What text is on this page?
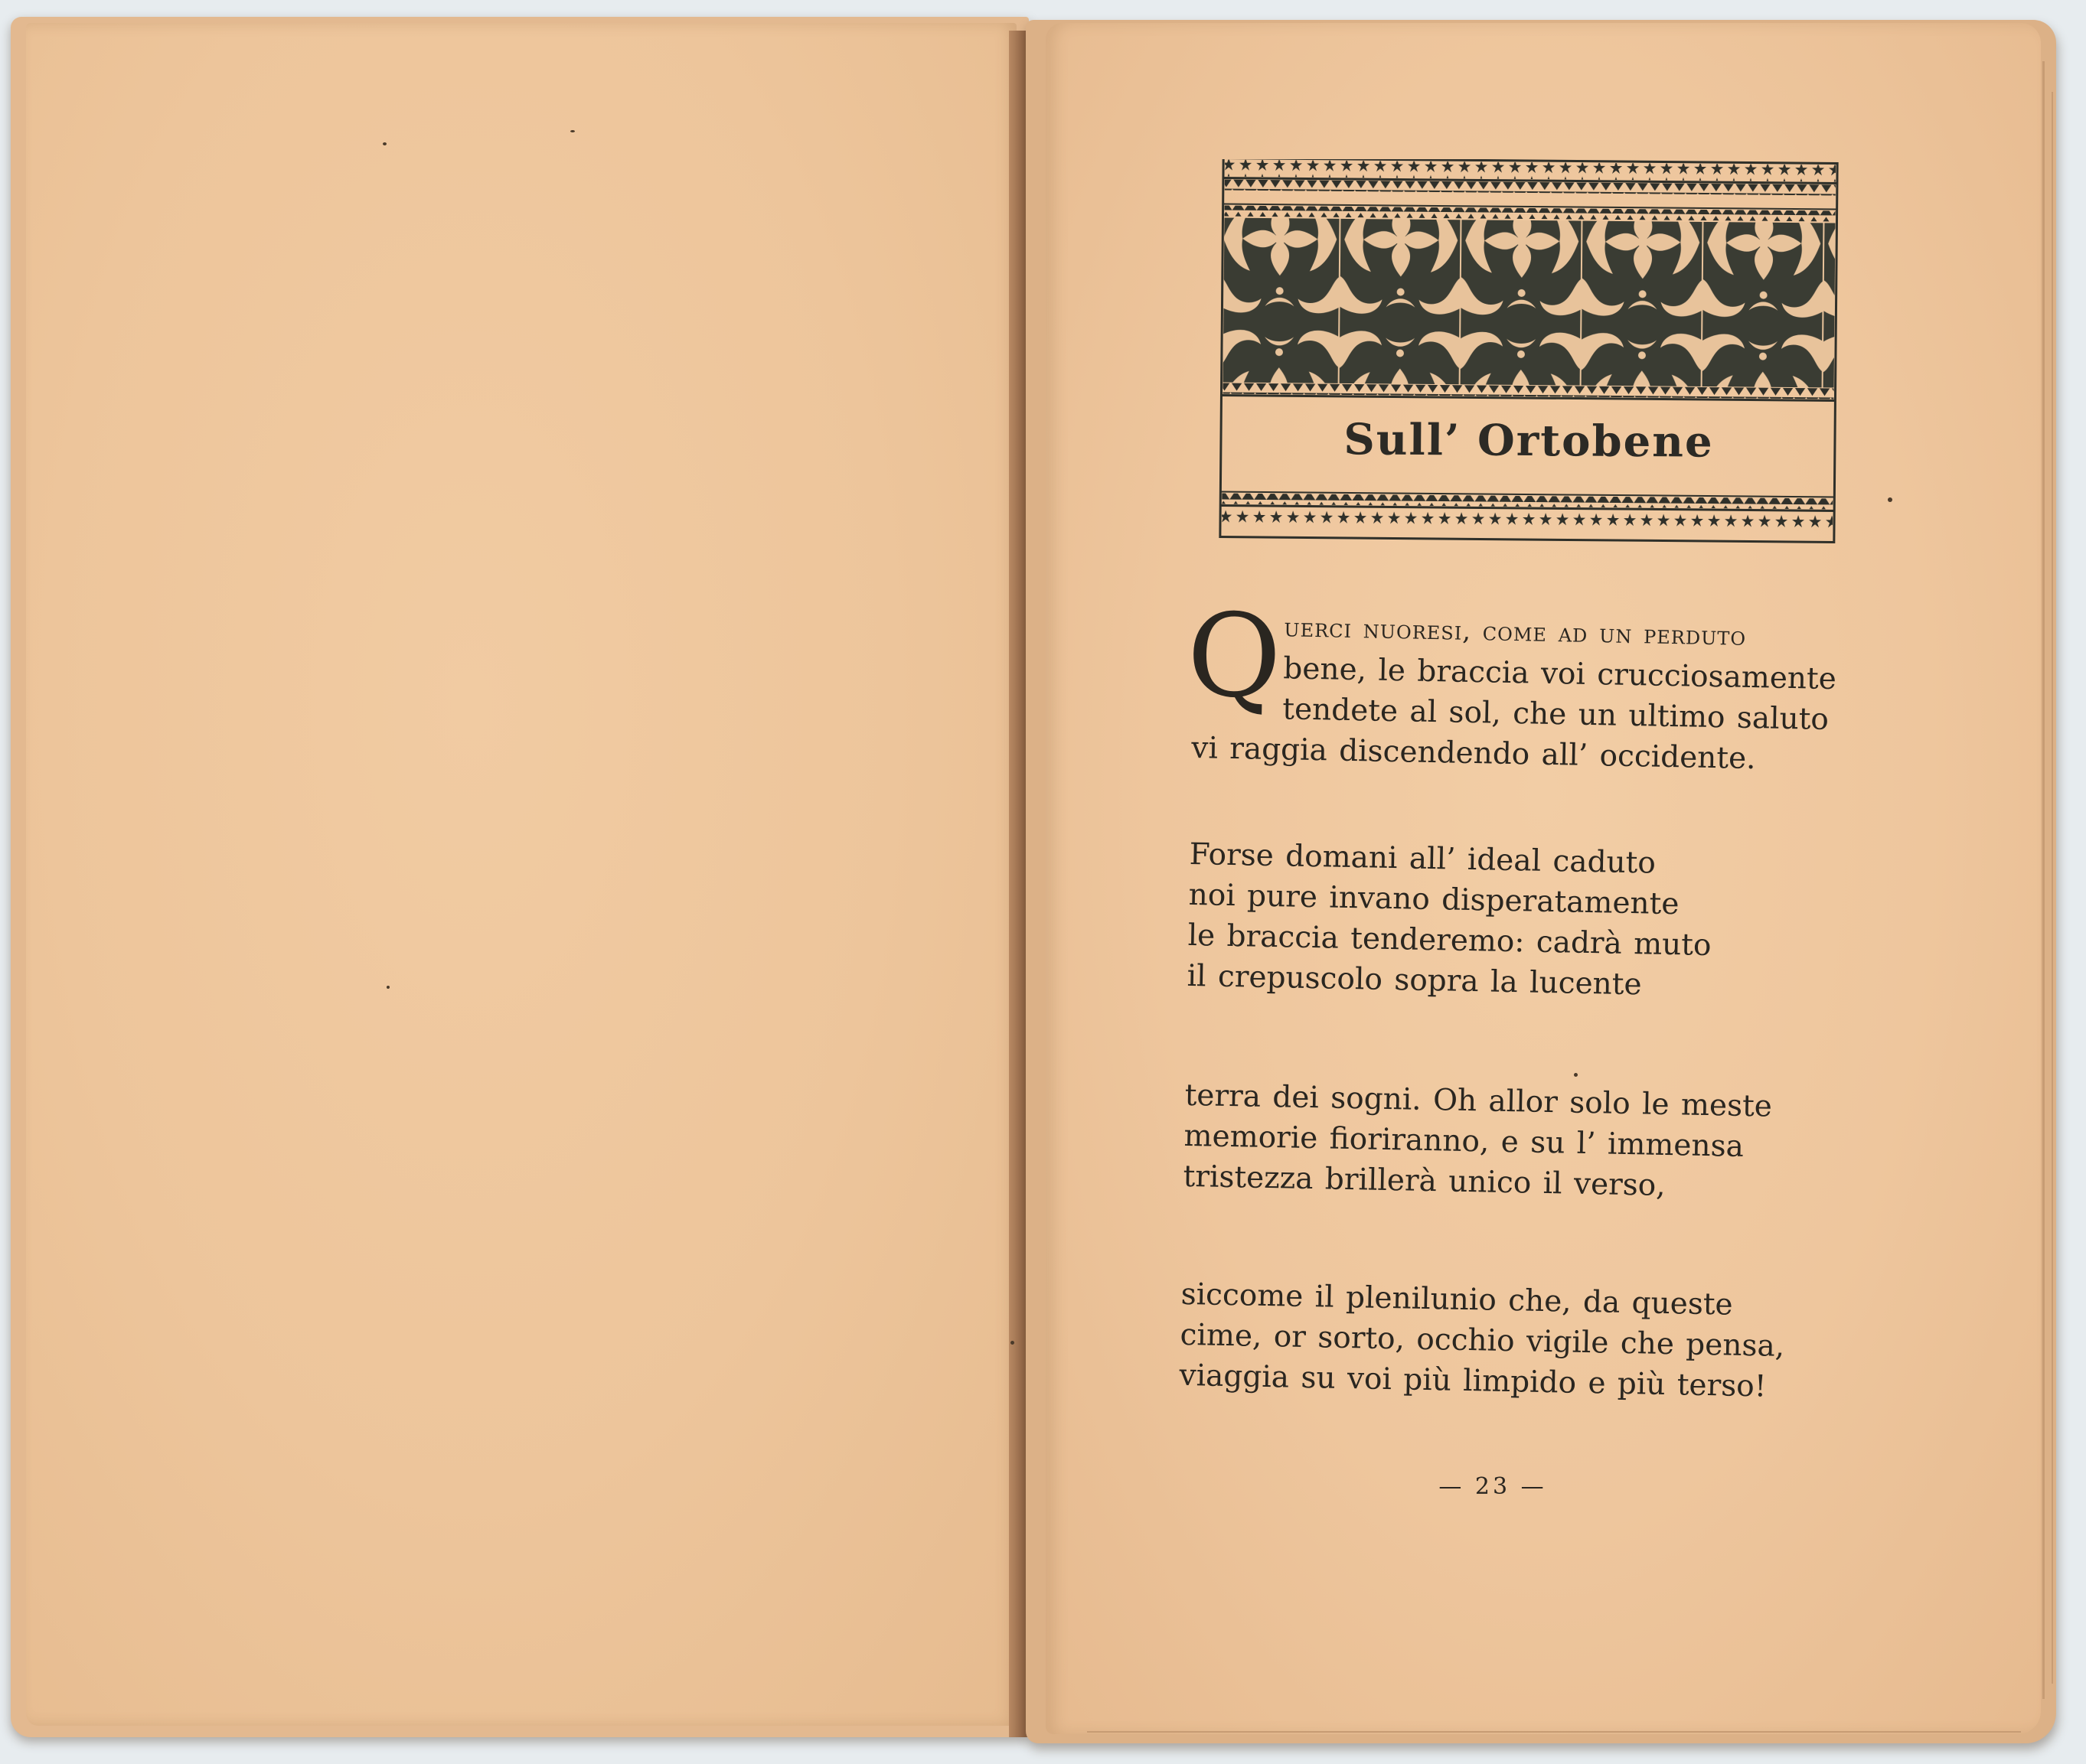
Sull’ Ortobene
Q uerci nuoresi, come ad un perduto
bene, le braccia voi crucciosamente
tendete al sol, che un ultimo saluto
vi raggia discendendo all’ occidente.
Forse domani all’ ideal caduto
noi pure invano disperatamente
le braccia tenderemo: cadrà muto
il crepuscolo sopra la lucente
terra dei sogni. Oh allor solo le meste
memorie fioriranno, e su l’ immensa
tristezza brillerà unico il verso,
siccome il plenilunio che, da queste
cime, or sorto, occhio vigile che pensa,
viaggia su voi più limpido e più terso!
— 23 —
